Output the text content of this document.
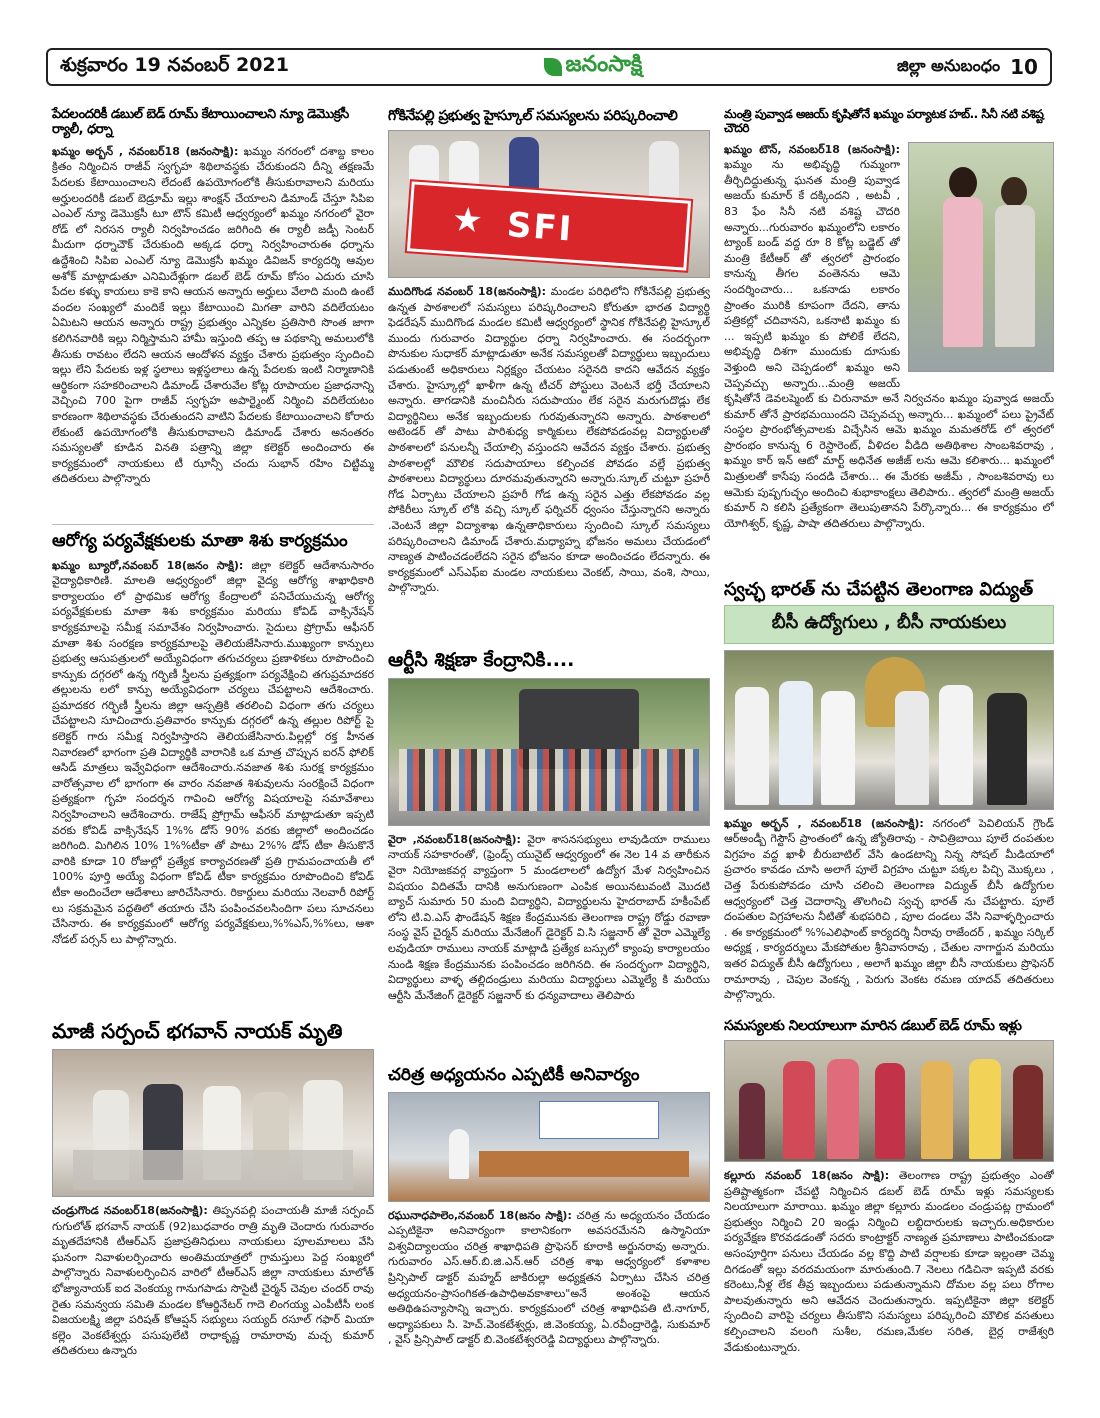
శుక్రవారం 19 నవంబర్ 2021	జనంసాక్షి	జిల్లా అనుబంధం 10
పేదలందరికీ డబుల్ బెడ్ రూమ్ కేటాయించాలని న్యూ డెమొక్రసీ ర్యాలీ, ధర్నా

ఖమ్మం అర్బన్ , నవంబర్18 (జనంసాక్షి): ఖమ్మం నగరంలో దశాబ్ద కాలం క్రితం నిర్మించిన రాజీవ్ స్వగృహ శిథిలావస్థకు చేరుకుందని దీన్ని తక్షణమే పేదలకు కేటాయించాలని లేదంటే ఉపయోగంలోకి తీసుకురావాలని మరియు అర్హులందరికీ డబల్ బెడ్రూమ్ ఇల్లు శాంక్షన్ చేయాలని డిమాండ్ చేస్తూ సిపిఐ ఎంఎల్ న్యూ డెమొక్రసీ టూ టౌన్ కమిటీ ఆధ్వర్యంలో ఖమ్మం నగరంలో వైరా రోడ్ లో నిరసన ర్యాలీ నిర్వహించడం జరిగింది ఈ ర్యాలీ జడ్పీ సెంటర్ మీదుగా ధర్నాచౌక్ చేరుకుంది అక్కడ ధర్నా నిర్వహించారుఈ ధర్నాను ఉద్దేశించి సిపిఐ ఎంఎల్ న్యూ డెమొక్రసీ ఖమ్మం డివిజన్ కార్యదర్శి ఆవుల అశోక్ మాట్లాడుతూ ఎనిమిదేళ్లుగా డబల్ బెడ్ రూమ్ కోసం ఎదురు చూసి పేదల కళ్ళు కాయలు కాకె కాని ఆయన అన్నారు అర్హులు వేలాది మంది ఉంటే వందల సంఖ్యలో మందికే ఇల్లు కేటాయించి మిగతా వారిని వదిలేయటం ఏమిటని ఆయన అన్నారు రాష్ట్ర ప్రభుత్వం ఎన్నికల ప్రతిసారి సొంత జాగా కలిగినవారికి ఇల్లు నిర్మిస్తామని హామీ ఇస్తుంది తప్ప ఆ పథకాన్ని అమలులోకి తీసుకు రావటం లేదని ఆయన ఆందోళన వ్యక్తం చేశారు ప్రభుత్వం స్పందించి ఇల్లు లేని పేదలకు ఇళ్ల స్థలాలు ఇళ్లస్థలాలు ఉన్న పేదలకు ఇంటి నిర్మాణానికి ఆర్థికంగా సహకరించాలని డిమాండ్ చేశారువేల కోట్ల రూపాయల ప్రజాధనాన్ని వెచ్చించి 700 పైగా రాజీవ్ స్వగృహ అపార్ట్మెంట్ నిర్మించి వదిలేయటం కారణంగా శిథిలావస్థకు చేరుతుందని వాటిని పేదలకు కేటాయించాలని కోరారు లేకుంటే ఉపయోగంలోకి తీసుకురావాలని డిమాండ్ చేశారు అనంతరం సమస్యలతో కూడిన వినతి పత్రాన్ని జిల్లా కలెక్టర్ అందించారు ఈ కార్యక్రమంలో నాయకులు టీ ఝాన్సీ చందు సుభాన్ రహిం చిట్టిమ్మ తదితరులు పాల్గొన్నారు

ఆరోగ్య పర్యవేక్షకులకు మాతా శిశు కార్యక్రమం

ఖమ్మం బ్యూరో,నవంబర్ 18(జనం సాక్షి): జిల్లా కలెక్టర్ ఆదేశానుసారం వైద్యాధికారిణి. మాలతి ఆధ్వర్యంలో జిల్లా వైద్య ఆరోగ్య శాఖాధికారి కార్యాలయం లో ప్రాథమిక ఆరోగ్య కేంద్రాలలో పనిచేయుచున్న ఆరోగ్య పర్యవేక్షకులకు మాతా శిశు కార్యక్రమం మరియు కోవిడ్ వాక్సినేషన్ కార్యక్రమాలపై సమీక్ష సమావేశం నిర్వహించారు. సైదులు ప్రోగ్రామ్ ఆఫీసర్ మాతా శిశు సంరక్షణ కార్యక్రమాలపై తెలియజేసినారు.ముఖ్యంగా కాన్పులు ప్రభుత్వ ఆసుపత్రులలో అయ్యేవిధంగా తగుచర్యలు ప్రణాళికలు రూపొందించి కాన్పుకు దగ్గరలో ఉన్న గర్భిణీ స్త్రీలను ప్రత్యక్షంగా పర్యవేక్షించి తగుప్రమాదకర తల్లులను లలో కాన్పు అయ్యేవిధంగా చర్యలు చేపట్టాలని ఆదేశించారు. ప్రమాదకర గర్భిణీ స్త్రీలను జిల్లా ఆస్పత్రికి తరలించి విధంగా తగు చర్యలు చేపట్టాలని సూచించారు.ప్రతివారం కాన్పుకు దగ్గరలో ఉన్న తల్లుల రిపోర్ట్ పై కలెక్టర్ గారు సమీక్ష నిర్వహిస్తారని తెలియజేసినారు.పిల్లల్లో రక్త హీనత నివారణలో భాగంగా ప్రతి విద్యార్థికి వారానికి ఒక మాత్ర చొప్పున ఐరన్ ఫోలిక్ ఆసిడ్ మాత్రలు ఇవ్వేవిధంగా ఆదేశించారు.నవజాత శిశు సురక్ష కార్యక్రమం వారోత్సవాల లో భాగంగా ఈ వారం నవజాత శిశువులను సంరక్షించే విధంగా ప్రత్యక్షంగా గృహ సందర్శన గావించి ఆరోగ్య విషయాలపై సమావేశాలు నిర్వహించాలని ఆదేశించారు. రాజేష్ ప్రోగ్రామ్ ఆఫీసర్ మాట్లాడుతూ ఇప్పటి వరకు కోవిడ్ వాక్సినేషన్ 1%% డోస్ 90% వరకు జిల్లాలో అందించడం జరిగింది. మిగిలిన 10% 1%%టీకా తో పాటు 2%% డోస్ టీకా తీసుకొనే వారికి కూడా 10 రోజుల్లో ప్రత్యేక కార్యాచరణతో ప్రతి గ్రామపంచాయతీ లో 100% పూర్తి అయ్యే విధంగా కోవిడ్ టీకా కార్యక్రమం రూపొందించి కోవిడ్ టీకా అందించేలా ఆదేశాలు జారిచేసినారు. రికార్డులు మరియు నెలవారీ రిపోర్ట్ లు సక్రమమైన పద్ధతిలో తయారు చేసి పంపించవలసిందిగా పలు సూచనలు చేసినారు. ఈ కార్యక్రమంలో ఆరోగ్య పర్యవేక్షకులు,%%ఎస్,%%లు, ఆశా నోడల్ పర్సన్ లు పాల్గొన్నారు.

మాజీ సర్పంచ్ భగవాన్ నాయక్ మృతి

చండ్రుగొండ నవంబర్18(జనంసాక్షి): తిప్పనపల్లి పంచాయతీ మాజీ సర్పంచ్ గుగులోత్ భగవాన్ నాయక్ (92)బుధవారం రాత్రి మృతి చెందారు గురువారం మృతదేహానికి టీఆర్ఎస్ ప్రజాప్రతినిధులు నాయకులు పూలమాలలు వేసి ఘనంగా నివాళులర్పించారు అంతిమయాత్రలో గ్రామస్తులు పెద్ద సంఖ్యలో పాల్గొన్నారు నివాళులర్పించిన వారిలో టీఆర్ఎస్ జిల్లా నాయకులు మాలోత్ భోజ్యానాయక్ ఐద వెంకయ్య గానుగపాడు సొసైటీ చైర్మన్ చెవుల చందర్ రావు రైతు సమన్వయ సమితి మండల కోఆర్డినేటర్ గాదె లింగయ్య ఎంపీటీసీ లంక విజయలక్ష్మి జిల్లా పరిషత్ కోఆప్షన్ సభ్యులు సయ్యద్ రసూల్ గఫార్ మియా కల్లెం వెంకటేశ్వర్లు పసుపులేటి రాధాకృష్ణ రామారావు మచ్చ కుమార్ తదితరులు ఉన్నారు

గోకినేపల్లి ప్రభుత్వ హైస్కూల్ సమస్యలను పరిష్కరించాలి
SFI
★

ముదిగొండ నవంబర్ 18(జనంసాక్షి): మండల పరిధిలోని గోకినేపల్లి ప్రభుత్వ ఉన్నత పాఠశాలలో సమస్యలు పరిష్కరించాలని కోరుతూ భారత విద్యార్థి ఫెడరేషన్ ముదిగొండ మండల కమిటీ ఆధ్వర్యంలో స్థానిక గోకినేపల్లి హైస్కూల్ ముందు గురువారం విద్యార్థుల ధర్నా నిర్వహించారు. ఈ సందర్భంగా పొనుకుల సుధాకర్ మాట్లాడుతూ అనేక సమస్యలతో విద్యార్థులు ఇబ్బందులు పడుతుంటే అధికారులు నిర్లక్ష్యం చేయటం సరైనది కాదని ఆవేదన వ్యక్తం చేశారు. హైస్కూల్లో ఖాళీగా ఉన్న టీచర్ పోస్టులు వెంటనే భర్తీ చేయాలని అన్నారు. తాగడానికి మంచినీరు సదుపాయం లేక సరైన మరుగుదొడ్లు లేక విద్యార్థినిలు అనేక ఇబ్బందులకు గురవుతున్నారని అన్నారు. పాఠశాలలో అటెండర్ తో పాటు పారిశుధ్య కార్మికులు లేకపోవడంవల్ల విద్యార్థులతో పాఠశాలలో పనులన్నీ చేయాల్సి వస్తుందని ఆవేదన వ్యక్తం చేశారు. ప్రభుత్వ పాఠశాలల్లో మౌలిక సదుపాయాలు కల్పించక పోవడం వల్లే ప్రభుత్వ పాఠశాలలు విద్యార్థులు దూరమవుతున్నారని అన్నారు.స్కూల్ చుట్టూ ప్రహరీ గోడ ఏర్పాటు చేయాలని ప్రహరీ గోడ ఉన్న సరైన ఎత్తు లేకపోవడం వల్ల పోకిరీలు స్కూల్ లోకి వచ్చి స్కూల్ ఫర్నిచర్ ధ్వంసం చేస్తున్నారని అన్నారు .వెంటనే జిల్లా విద్యాశాఖ ఉన్నతాధికారులు స్పందించి స్కూల్ సమస్యలు పరిష్కరించాలని డిమాండ్ చేశారు.మధ్యాహ్న భోజనం అమలు చేయడంలో నాణ్యత పాటించడంలేదని సరైన భోజనం కూడా అందించడం లేదన్నారు. ఈ కార్యక్రమంలో ఎస్ఎఫ్ఐ మండల నాయకులు వెంకట్, సాయి, వంశి, సాయి, పాల్గొన్నారు.

ఆర్టీసి శిక్షణా కేంద్రానికి....

వైరా ,నవంబర్18(జనంసాక్షి): వైరా శాసనసభ్యులు లావుడియా రాములు నాయక్ సహకారంతో, (ఫ్రెండ్స్ యునైట్ ఆధ్వర్యంలో ఈ నెల 14 వ తారీకున వైరా నియోజకవర్గ వ్యాప్తంగా 5 మండలాలలో ఉద్యోగ మేళ నిర్వహించిన విషయం విదితమే దానికి అనుగుణంగా ఎంపిక అయినటువంటి మొదటి బ్యాచ్ సుమారు 50 మంది విద్యార్థిని, విద్యార్థులను హైదరాబాద్ హకీంపేట్ లోని టి.వి.ఎస్ ఫౌండేషన్ శిక్షణ కేంద్రమునకు తెలంగాణ రాష్ట్ర రోడ్డు రవాణా సంస్థ వైస్ చైర్మన్ మరియు మేనేజింగ్ డైరెక్టర్ వి.సి సజ్జనార్ తో వైరా ఎమ్మెల్యే లవుడియా రాములు నాయక్ మాట్లాడి ప్రత్యేక బస్సులో క్యాంపు కార్యాలయం నుండి శిక్షణ కేంద్రమునకు పంపించడం జరిగినది. ఈ సందర్భంగా విద్యార్థిని, విద్యార్థులు వాళ్ళ తల్లిదండ్రులు మరియు విద్యార్థులు ఎమ్మెల్యే కి మరియు ఆర్టీసి మేనేజింగ్ డైరెక్టర్ సజ్జనార్ కు ధన్యవాదాలు తెలిపారు

చరిత్ర అధ్యయనం ఎప్పటికీ అనివార్యం

రఘునాధపాలెం,నవంబర్ 18(జనం సాక్షి): చరిత్ర ను అధ్యయనం చేయడం ఎప్పటికైనా అనివార్యంగా కాలానికంగా అవసరమేనని ఉస్మానియా విశ్వవిద్యాలయం చరిత్ర శాఖాధిపతి ప్రొఫెసర్ కూరాకి అర్జునరావు అన్నారు. గురువారం ఎస్.ఆర్.బి.జి.ఎన్.ఆర్ చరిత్ర శాఖ ఆధ్వర్యంలో కళాశాల ప్రిన్సిపాల్ డాక్టర్ మహ్మద్ జాకిరుల్లా అధ్యక్షతన ఏర్పాటు చేసిన చరిత్ర అధ్యయనం-ప్రాసంగికత-ఉపాధిఅవకాశాలు"అనే అంశంపై ఆయన అతిథిఉపన్యాసాన్ని ఇచ్చారు. కార్యక్రమంలో చరిత్ర శాఖాధిపతి టి.నాగూర్, అధ్యాపకులు సి. హెచ్.వెంకటేశ్వర్లు, జి.వెంకయ్య, ఏ.రవీంద్రారెడ్డి, సుకుమార్ , వైస్ ప్రిన్సిపాల్ డాక్టర్ బి.వెంకటేశ్వరరెడ్డి విద్యార్థులు పాల్గొన్నారు.

మంత్రి పువ్వాడ అజయ్ కృషితోనే ఖమ్మం పర్యాటక హబ్.. సినీ నటి వశిష్ట చౌదరి

ఖమ్మం టౌన్, నవంబర్18 (జనంసాక్షి): ఖమ్మం ను అభివృద్ధి గుమ్మంగా తీర్చిదిద్దుతున్న ఘనత మంత్రి పువ్వాడ అజయ్ కుమార్ కే దక్కిందని , అటవీ , 83 ఫేం సినీ నటి వశిష్ట చౌదరి అన్నారు...గురువారం ఖమ్మంలోని లకారం ట్యాంక్ బండ్ వద్ద రూ 8 కోట్ల బడ్జెట్ తో మంత్రి కేటీఆర్ తో త్వరలో ప్రారంభం కానున్న తీగల వంతెనను ఆమె సందర్శించారు... ఒకనాడు లకారం ప్రాంతం మురికి కూపంగా దేదని, తాను పత్రికల్లో చదివానని, ఒకనాటి ఖమ్మం కు ... ఇప్పటి ఖమ్మం కు పోలికే లేదని, అభివృద్ధి దిశగా ముందుకు దూసుకు వెళ్తుంది అని చెప్పడంలో ఖమ్మం అని చెప్పవచ్చు అన్నారు...మంత్రి అజయ్ కృషితోనే డెవలప్మెంట్ కు చిరునామా అనే నిర్వచనం ఖమ్మం పువ్వాడ అజయ్ కుమార్ తోనే ప్రారభమయిందని చెప్పవచ్చు అన్నారు... ఖమ్మంలో పలు ప్రైవేట్ సంస్థల ప్రారంభోత్సవాలకు విచ్చేసిన ఆమె ఖమ్మం మమతరోడ్ లో త్వరలో ప్రారంభం కానున్న 6 రెస్టారెంట్, వీళిదల వీడిది అతిథిశాల సాంబశివరావు , ఖమ్మం కార్ ఇన్ ఆటో మార్ట్ అధినేత అజీజ్ లను ఆమె కలిశారు... ఖమ్మంలో మిత్రులతో కాసేపు సందడి చేశారు... ఈ మేరకు అజీమ్ , సాంబశివరావు లు ఆమెకు పుష్పగుచ్ఛం అందించి శుభాకాంక్షలు తెలిపారు.. త్వరలో మంత్రి అజయ్ కుమార్ ని కలిసి ప్రత్యేకంగా తెలుపుతానని పేర్కొన్నారు... ఈ కార్యక్రమం లో యోగిశ్వర్, కృష్ణ, పాషా తదితరులు పాల్గొన్నారు.

స్వచ్ఛ భారత్ ను చేపట్టిన తెలంగాణ విద్యుత్
బీసీ ఉద్యోగులు , బీసీ నాయకులు

ఖమ్మం అర్బన్ , నవంబర్18 (జనంసాక్షి): నగరంలో పెవిలియన్ గ్రౌండ్ ఆర్అండ్బీ గెస్టౌస్ ప్రాంతంలో ఉన్న జ్యోతిరావు - సావిత్రిబాయి పూలే దంపతుల విగ్రహం వద్ద ఖాళీ బీరుబాటిల్ వేసి ఉండటాన్ని నిన్న సోషల్ మీడియాలో ప్రచారం కావడం చూసి అలాగే పూలే విగ్రహం చుట్టూ పక్కల పిచ్చి మొక్కలు , చెత్త పేరుకుపోవడం చూసి చలించి తెలంగాణ విద్యుత్ బీసీ ఉద్యోగుల ఆధ్వర్యంలో చెత్త చెదారాన్ని తొలగించి స్వచ్ఛ భారత్ ను చేపట్టారు. పూలే దంపతుల విగ్రహాలను నీటితో శుభపరిచి , పూల దండలు వేసి నివాళ్ళర్పించారు . ఈ కార్యక్రమంలో %%ఎలిఫాంట్ కార్యదర్శి నీరావు రాజేందర్ , ఖమ్మం సర్కిల్ అధ్యక్ష , కార్యదర్శులు మేకపోతుల శ్రీనివాసరావు , చేతుల నాగార్జున మరియు ఇతర విద్యుత్ బీసీ ఉద్యోగులు , అలాగే ఖమ్మం జిల్లా బీసీ నాయకులు ప్రొఫెసర్ రామారావు , చెపుల వెంకన్న , పెరుగు వెంకట రమణ యాదవ్ తదితరులు పాల్గొన్నారు.

సమస్యలకు నిలయాలుగా మారిన డబుల్ బెడ్ రూమ్ ఇళ్లు

కల్లూరు నవంబర్ 18(జనం సాక్షి): తెలంగాణ రాష్ట్ర ప్రభుత్వం ఎంతో ప్రతిష్టాత్మకంగా చేపట్టి నిర్మించిన డబల్ బెడ్ రూమ్ ఇళ్లు సమస్యలకు నిలయాలుగా మారాయి. ఖమ్మం జిల్లా కల్లూరు మండలం చండ్రుపట్ల గ్రామంలో ప్రభుత్వం నిర్మించి 20 ఇండ్లు నిర్మించి లబ్ధిదారులకు ఇచ్చారు.అధికారుల పర్యవేక్షణ కొరవడడంతో సదరు కాంట్రాక్టర్ నాణ్యత ప్రమాణాలు పాటించకుండా అసంపూర్తిగా పనులు చేయడం వల్ల కొద్ది పాటి వర్షాలకు కూడా ఇల్లంతా చెమ్మ దిగడంతో ఇల్లు వరదమయంగా మారుతుంది.7 నెలలు గడిచినా ఇప్పటి వరకు కరెంటు,నీళ్ల లేక తీవ్ర ఇబ్బందులు పడుతున్నామని దోమల వల్ల పలు రోగాల పాలవుతున్నారు అని ఆవేదన చెందుతున్నారు. ఇప్పటికైనా జిల్లా కలెక్టర్ స్పందించి వారిపై చర్యలు తీసుకొని సమస్యలు పరిష్కరించి మౌలిక వసతులు కల్పించాలని వలంగి సుశీల, రమణ,మేకల సరిత, బైర్ల రాజేశ్వరి వేడుకుంటున్నారు.
